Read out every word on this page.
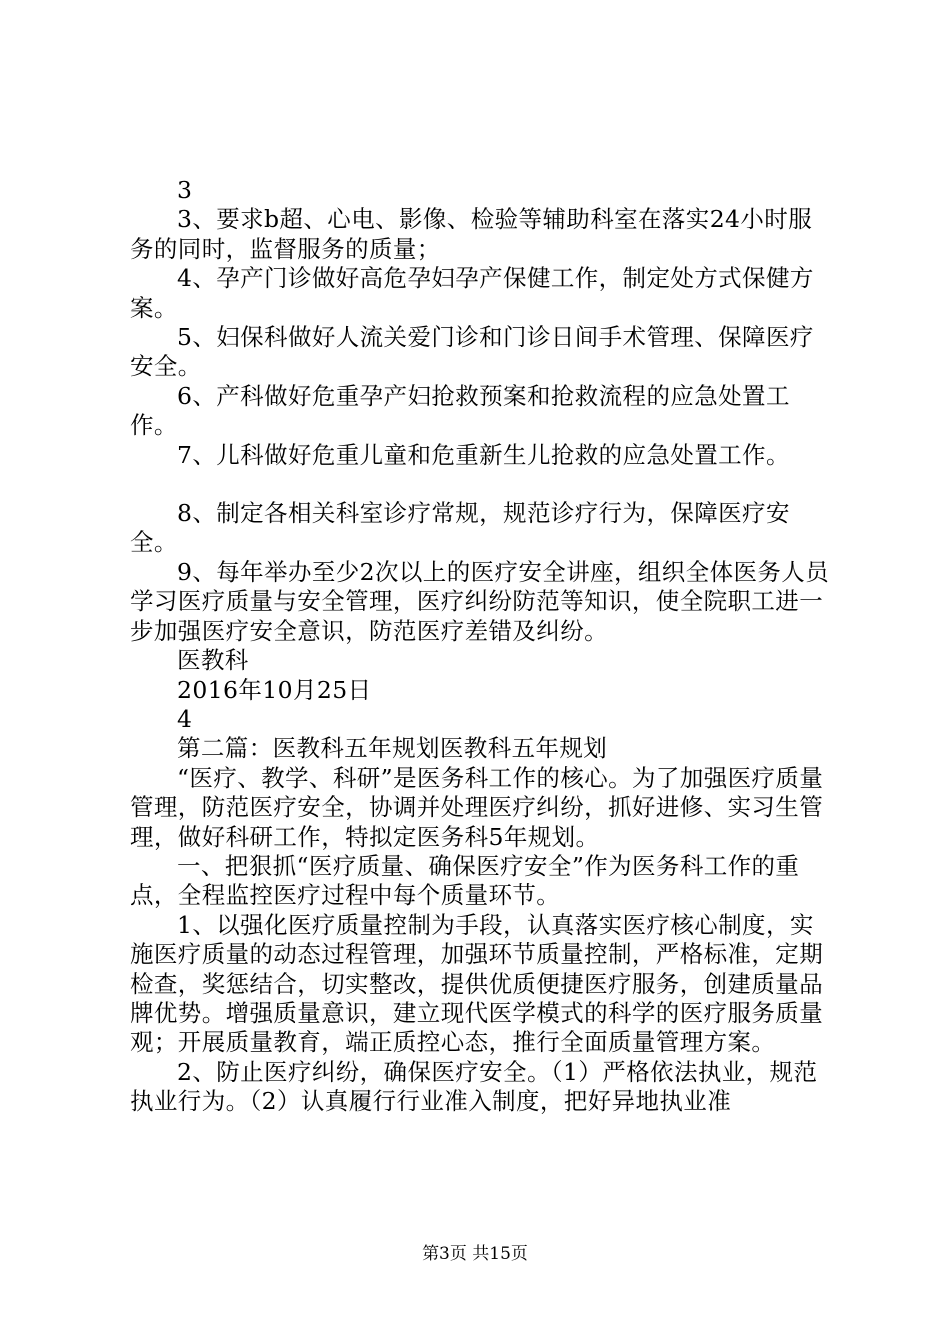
3

3、要求b超、心电、影像、检验等辅助科室在落实24小时服务的同时，监督服务的质量；

4、孕产门诊做好高危孕妇孕产保健工作，制定处方式保健方案。

5、妇保科做好人流关爱门诊和门诊日间手术管理、保障医疗安全。

6、产科做好危重孕产妇抢救预案和抢救流程的应急处置工作。

7、儿科做好危重儿童和危重新生儿抢救的应急处置工作。

8、制定各相关科室诊疗常规，规范诊疗行为，保障医疗安全。

9、每年举办至少2次以上的医疗安全讲座，组织全体医务人员学习医疗质量与安全管理，医疗纠纷防范等知识，使全院职工进一步加强医疗安全意识，防范医疗差错及纠纷。

医教科

2016年10月25日

4

第二篇：医教科五年规划医教科五年规划

“医疗、教学、科研”是医务科工作的核心。为了加强医疗质量管理，防范医疗安全，协调并处理医疗纠纷，抓好进修、实习生管理，做好科研工作，特拟定医务科5年规划。

一、把狠抓“医疗质量、确保医疗安全”作为医务科工作的重点，全程监控医疗过程中每个质量环节。

1、以强化医疗质量控制为手段，认真落实医疗核心制度，实施医疗质量的动态过程管理，加强环节质量控制，严格标准，定期检查，奖惩结合，切实整改，提供优质便捷医疗服务，创建质量品牌优势。增强质量意识，建立现代医学模式的科学的医疗服务质量观；开展质量教育，端正质控心态，推行全面质量管理方案。

2、防止医疗纠纷，确保医疗安全。（1）严格依法执业，规范执业行为。（2）认真履行行业准入制度，把好异地执业准

第3页 共15页
